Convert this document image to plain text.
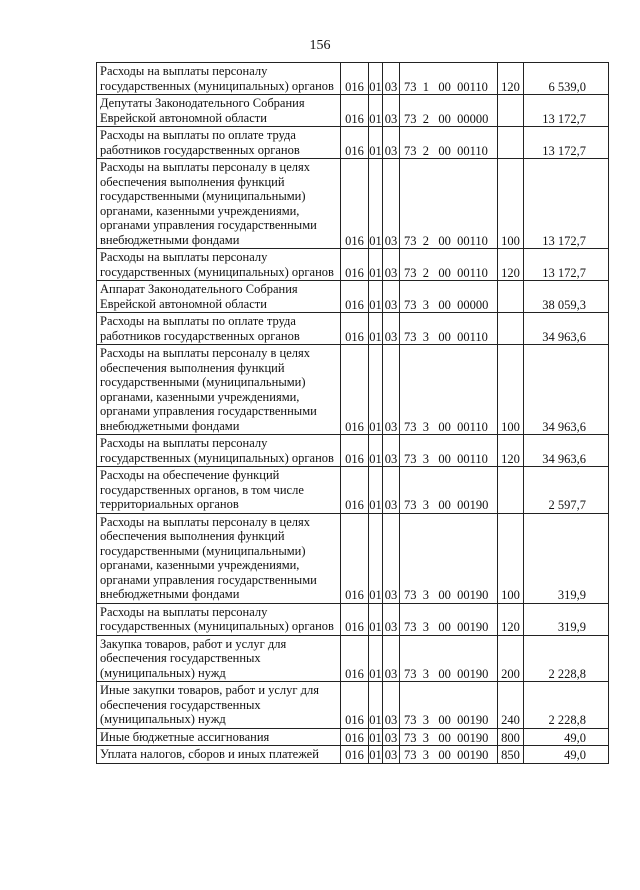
156
Расходы на выплаты персоналу государственных (муниципальных) органов	016	01	03	73  1   00  00110	120	6 539,0
Депутаты Законодательного Собрания Еврейской автономной области	016	01	03	73  2   00  00000		13 172,7
Расходы на выплаты по оплате труда работников государственных органов	016	01	03	73  2   00  00110		13 172,7
Расходы на выплаты персоналу в целях обеспечения выполнения функций государственными (муниципальными) органами, казенными учреждениями, органами управления государственными внебюджетными фондами	016	01	03	73  2   00  00110	100	13 172,7
Расходы на выплаты персоналу государственных (муниципальных) органов	016	01	03	73  2   00  00110	120	13 172,7
Аппарат Законодательного Собрания Еврейской автономной области	016	01	03	73  3   00  00000		38 059,3
Расходы на выплаты по оплате труда работников государственных органов	016	01	03	73  3   00  00110		34 963,6
Расходы на выплаты персоналу в целях обеспечения выполнения функций государственными (муниципальными) органами, казенными учреждениями, органами управления государственными внебюджетными фондами	016	01	03	73  3   00  00110	100	34 963,6
Расходы на выплаты персоналу государственных (муниципальных) органов	016	01	03	73  3   00  00110	120	34 963,6
Расходы на обеспечение функций государственных органов, в том числе территориальных органов	016	01	03	73  3   00  00190		2 597,7
Расходы на выплаты персоналу в целях обеспечения выполнения функций государственными (муниципальными) органами, казенными учреждениями, органами управления государственными внебюджетными фондами	016	01	03	73  3   00  00190	100	319,9
Расходы на выплаты персоналу государственных (муниципальных) органов	016	01	03	73  3   00  00190	120	319,9
Закупка товаров, работ и услуг для обеспечения государственных (муниципальных) нужд	016	01	03	73  3   00  00190	200	2 228,8
Иные закупки товаров, работ и услуг для обеспечения государственных (муниципальных) нужд	016	01	03	73  3   00  00190	240	2 228,8
Иные бюджетные ассигнования	016	01	03	73  3   00  00190	800	49,0
Уплата налогов, сборов и иных платежей	016	01	03	73  3   00  00190	850	49,0
